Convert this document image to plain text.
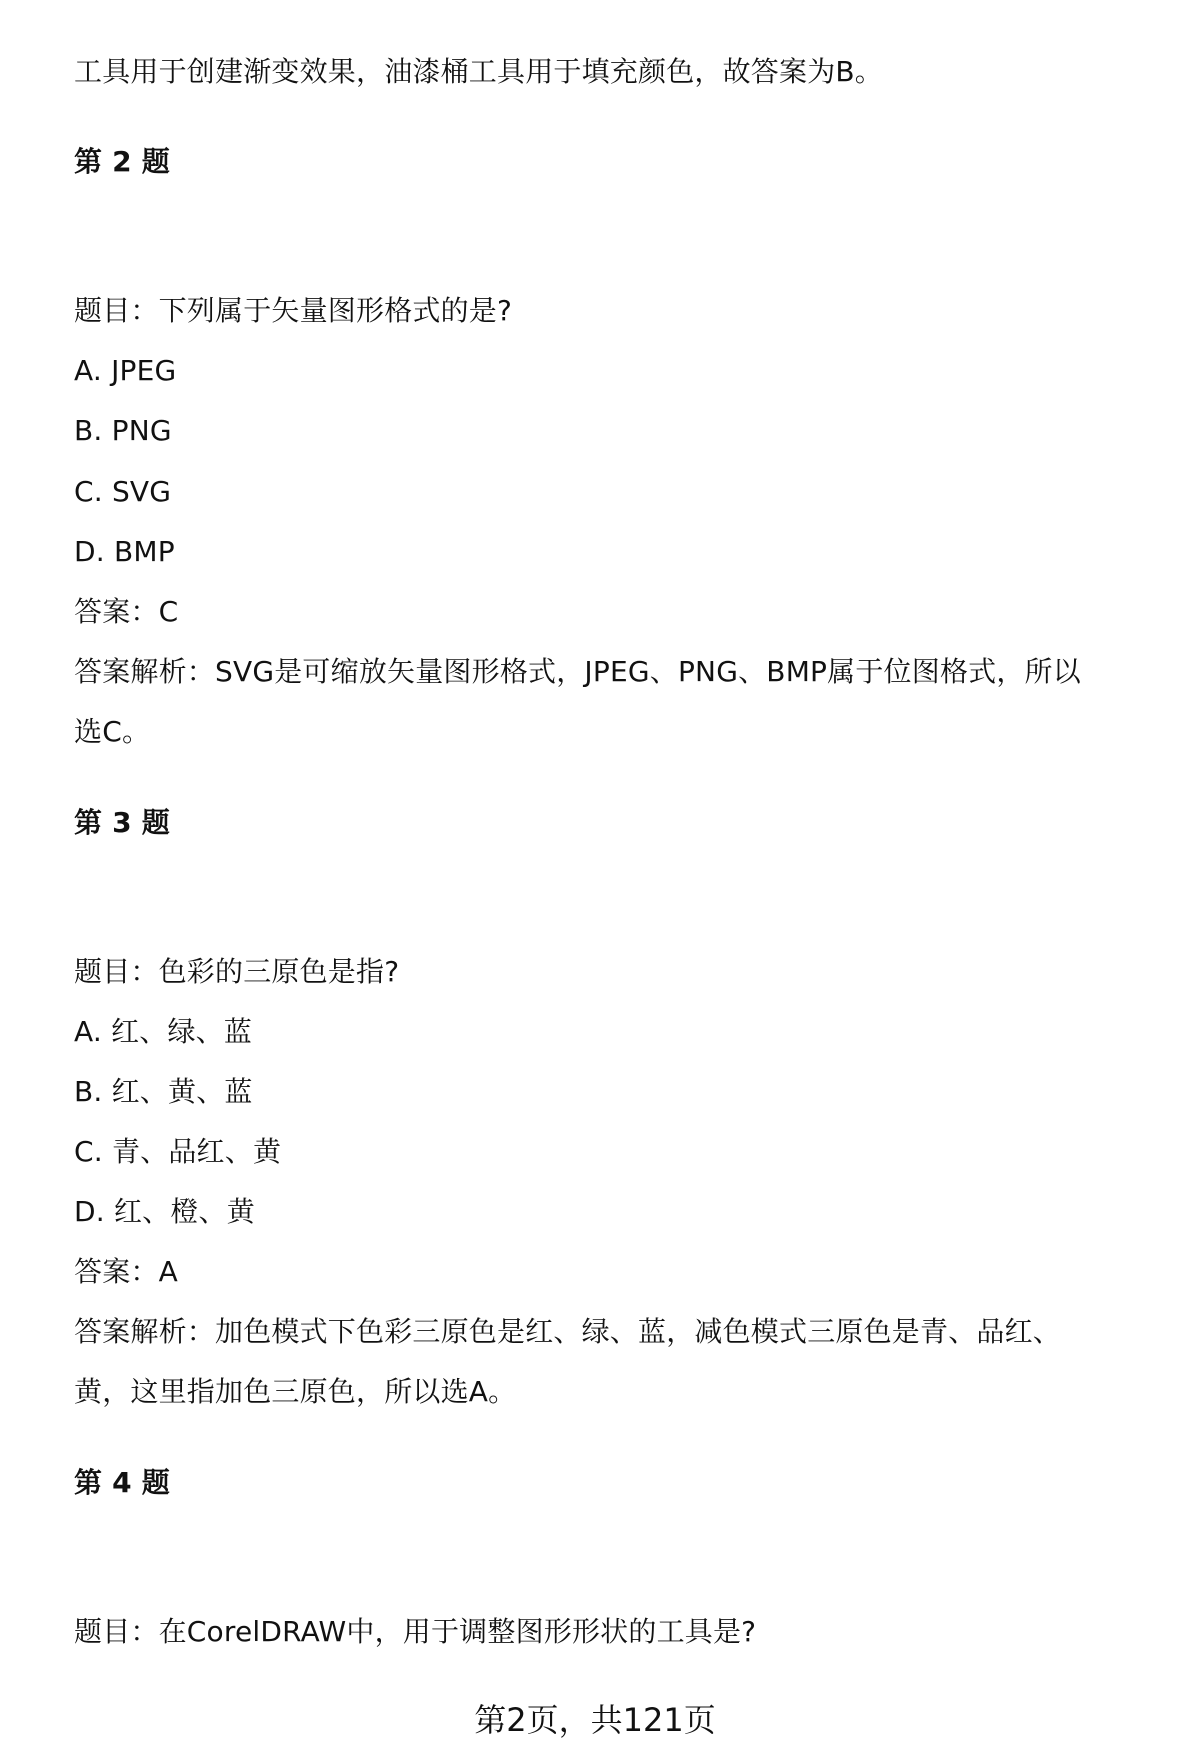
工具用于创建渐变效果，油漆桶工具用于填充颜色，故答案为B。
第 2 题
题目：下列属于矢量图形格式的是?
A. JPEG
B. PNG
C. SVG
D. BMP
答案：C
答案解析：SVG是可缩放矢量图形格式，JPEG、PNG、BMP属于位图格式，所以
选C。
第 3 题
题目：色彩的三原色是指?
A. 红、绿、蓝
B. 红、黄、蓝
C. 青、品红、黄
D. 红、橙、黄
答案：A
答案解析：加色模式下色彩三原色是红、绿、蓝，减色模式三原色是青、品红、
黄，这里指加色三原色，所以选A。
第 4 题
题目：在CorelDRAW中，用于调整图形形状的工具是?
第2页，共121页
